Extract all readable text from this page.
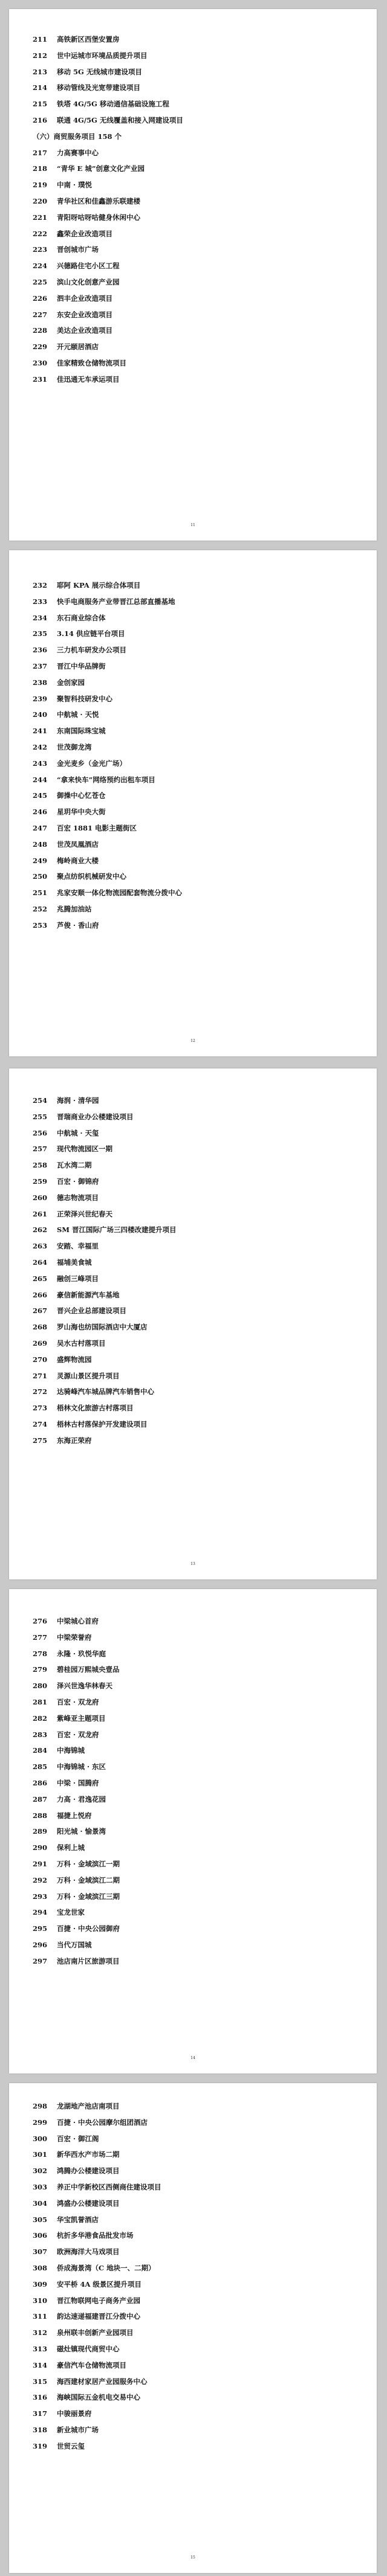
211	高铁新区西堡安置房
212	世中运城市环境品质提升项目
213	移动 5G 无线城市建设项目
214	移动管线及光宽带建设项目
215	铁塔 4G/5G 移动通信基础设施工程
216	联通 4G/5G 无线覆盖和接入网建设项目
（六）商贸服务项目 158 个
217	力高赛事中心
218	“青华 E 城”创意文化产业园
219	中南 · 璞悦
220	青华社区和佳鑫游乐联建楼
221	青阳呀咕呀咕健身休闲中心
222	鑫荣企业改造项目
223	晋创城市广场
224	兴德路住宅小区工程
225	滨山文化创意产业园
226	泗丰企业改造项目
227	东安企业改造项目
228	美达企业改造项目
229	开元颐居酒店
230	佳家精致仓储物流项目
231	佳迅通无车承运项目
11
232	耶阿 KPA 展示综合体项目
233	快手电商服务产业带晋江总部直播基地
234	东石商业综合体
235	3.14 供应链平台项目
236	三力机车研发办公项目
237	晋江中华品牌街
238	金创家园
239	聚智科技研发中心
240	中航城 · 天悦
241	东南国际珠宝城
242	世茂御龙湾
243	金光麦乡（金光广场）
244	“拿来快车”网络预约出租车项目
245	御操中心忆苍仓
246	星玥华中央大街
247	百宏 1881 电影主题街区
248	世茂凤凰酒店
249	梅岭商业大楼
250	聚点纺织机械研发中心
251	兆家安顺一体化物流园配套物流分拨中心
252	兆腾加油站
253	芦俊 · 香山府
12
254	海润 · 清华园
255	晋瑞商业办公楼建设项目
256	中航城 · 天玺
257	现代物流园区一期
258	瓦水湾二期
259	百宏 · 御锦府
260	德志物流项目
261	正荣泽兴世纪春天
262	SM 晋江国际广场三四楼改建提升项目
263	安踏、幸福里
264	福埔美食城
265	融创三峰项目
266	豪信新能源汽车基地
267	晋兴企业总部建设项目
268	罗山海也纺国际酒店中大厦店
269	吴水古村落项目
270	盛辉物流园
271	灵源山景区提升项目
272	达骑峰汽车城品牌汽车销售中心
273	梧林文化旅游古村落项目
274	梧林古村落保护开发建设项目
275	东海正荣府
13
276	中梁城心首府
277	中梁荣誉府
278	永隆 · 玖悦华庭
279	碧桂园万熙城央壹品
280	泽兴世逸华林春天
281	百宏 · 双龙府
282	紫峰亚主题项目
283	百宏 · 双龙府
284	中海锦城
285	中海锦城 · 东区
286	中梁 · 国腾府
287	力高 · 君逸花园
288	福捷上悦府
289	阳光城 · 愉景湾
290	保利上城
291	万科 · 金域滨江一期
292	万科 · 金域滨江二期
293	万科 · 金域滨江三期
294	宝龙世家
295	百捷 · 中央公园御府
296	当代万国城
297	池店南片区旅游项目
14
298	龙湖地产池店南项目
299	百捷 · 中央公园摩尔组团酒店
300	百宏 · 御江阁
301	新华西水产市场二期
302	鸿腾办公楼建设项目
303	养正中学新校区西侧商住建设项目
304	鸿盛办公楼建设项目
305	华宝凯誉酒店
306	杭折多华港食品批发市场
307	欧洲海洋大马戏项目
308	侨成海景湾（C 地块一、二期）
309	安平桥 4A 级景区提升项目
310	晋江物联网电子商务产业园
311	韵达速递福建晋江分拨中心
312	泉州联丰创新产业园项目
313	磁灶镇现代商贸中心
314	豪信汽车仓储物流项目
315	海西建材家居产业园服务中心
316	海峡国际五金机电交易中心
317	中骏丽景府
318	新业城市广场
319	世贸云玺
15
